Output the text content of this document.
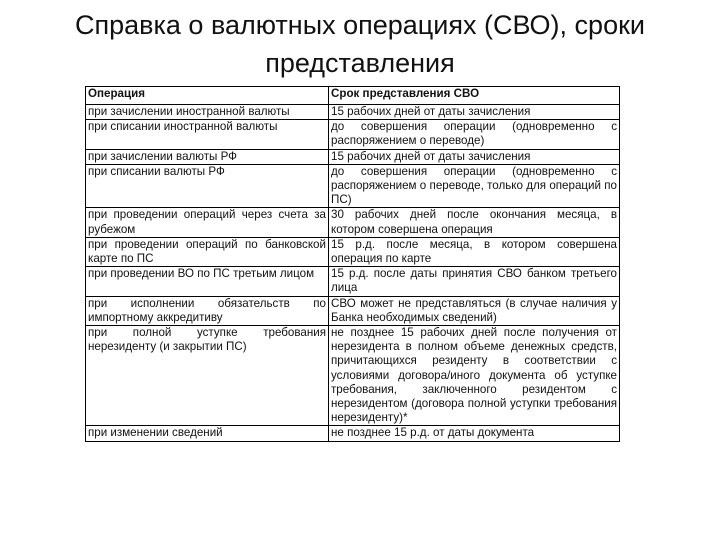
Справка о валютных операциях (СВО), сроки
представления
Операция	Срок представления СВО
при зачислении иностранной валюты	15 рабочих дней от даты зачисления
при списании иностранной валюты	до совершения операции (одновременно с распоряжением о переводе)
при зачислении валюты РФ	15 рабочих дней от даты зачисления
при списании валюты РФ	до совершения операции (одновременно с распоряжением о переводе, только для операций по ПС)
при проведении операций через счета за рубежом	30 рабочих дней после окончания месяца, в котором совершена операция
при проведении операций по банковской карте по ПС	15 р.д. после месяца, в котором совершена операция по карте
при проведении ВО по ПС третьим лицом	15 р.д. после даты принятия СВО банком третьего лица
при исполнении обязательств по импортному аккредитиву	СВО может не представляться (в случае наличия у Банка необходимых сведений)
при полной уступке требования нерезиденту (и закрытии ПС)	не позднее 15 рабочих дней после получения от нерезидента в полном объеме денежных средств, причитающихся резиденту в соответствии с условиями договора/иного документа об уступке требования, заключенного резидентом с нерезидентом (договора полной уступки требования нерезиденту)*
при изменении сведений	не позднее 15 р.д. от даты документа
